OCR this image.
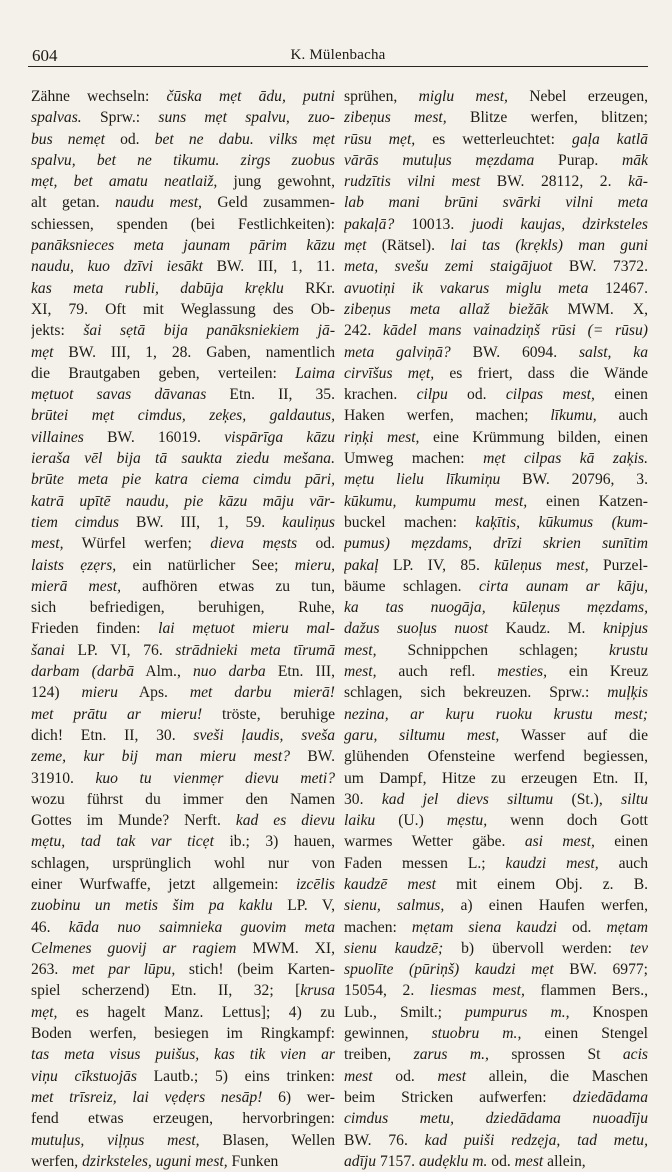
604	K. Mülenbacha

Zähne wechseln: čūska mẹt ādu, putni

spalvas. Sprw.: suns mẹt spalvu, zuo-

bus nemẹt od. bet ne dabu. vilks mẹt

spalvu, bet ne tikumu. zirgs zuobus

mẹt, bet amatu neatlaiž, jung gewohnt,

alt getan. naudu mest, Geld zusammen-

schiessen, spenden (bei Festlichkeiten):

panāksnieces meta jaunam pārim kāzu

naudu, kuo dzīvi iesākt BW. III, 1, 11.

kas meta rubli, dabūja krẹklu RKr.

XI, 79. Oft mit Weglassung des Ob-

jekts: šai sẹtā bija panāksniekiem jā-

mẹt BW. III, 1, 28. Gaben, namentlich

die Brautgaben geben, verteilen: Laima

mẹtuot savas dāvanas Etn. II, 35.

brūtei mẹt cimdus, zeķes, galdautus,

villaines BW. 16019. vispārīga kāzu

ieraša vēl bija tā saukta ziedu mešana.

brūte meta pie katra ciema cimdu pāri,

katrā upītē naudu, pie kāzu māju vār-

tiem cimdus BW. III, 1, 59. kauliņus

mest, Würfel werfen; dieva mẹsts od.

laists ẹzẹrs, ein natürlicher See; mieru,

mierā mest, aufhören etwas zu tun,

sich befriedigen, beruhigen, Ruhe,

Frieden finden: lai mẹtuot mieru mal-

šanai LP. VI, 76. strādnieki meta tīrumā

darbam (darbā Alm., nuo darba Etn. III,

124) mieru Aps. met darbu mierā!

met prātu ar mieru! tröste, beruhige

dich! Etn. II, 30. sveši ļaudis, sveša

zeme, kur bij man mieru mest? BW.

31910. kuo tu vienmẹr dievu meti?

wozu führst du immer den Namen

Gottes im Munde? Nerft. kad es dievu

mẹtu, tad tak var ticẹt ib.; 3) hauen,

schlagen, ursprünglich wohl nur von

einer Wurfwaffe, jetzt allgemein: izcēlis

zuobinu un metis šim pa kaklu LP. V,

46. kāda nuo saimnieka guovim meta

Celmenes guovij ar ragiem MWM. XI,

263. met par lūpu, stich! (beim Karten-

spiel scherzend) Etn. II, 32; [krusa

mẹt, es hagelt Manz. Lettus]; 4) zu

Boden werfen, besiegen im Ringkampf:

tas meta visus puišus, kas tik vien ar

viņu cīkstuojās Lautb.; 5) eins trinken:

met trīsreiz, lai vẹdẹrs nesāp! 6) wer-

fend etwas erzeugen, hervorbringen:

mutuļus, viļņus mest, Blasen, Wellen

werfen, dzirksteles, uguni mest, Funken

sprühen, miglu mest, Nebel erzeugen,

zibeņus mest, Blitze werfen, blitzen;

rūsu mẹt, es wetterleuchtet: gaļa katlā

vārās mutuļus mẹzdama Purap. māk

rudzītis vilni mest BW. 28112, 2. kā-

lab mani brūni svārki vilni meta

pakaļā? 10013. juodi kaujas, dzirksteles

mẹt (Rätsel). lai tas (krẹkls) man guni

meta, svešu zemi staigājuot BW. 7372.

avuotiņi ik vakarus miglu meta 12467.

zibeņus meta allaž biežāk MWM. X,

242. kādel mans vainadziņš rūsi (= rūsu)

meta galviņā? BW. 6094. salst, ka

cirvīšus mẹt, es friert, dass die Wände

krachen. cilpu od. cilpas mest, einen

Haken werfen, machen; līkumu, auch

riņķi mest, eine Krümmung bilden, einen

Umweg machen: mẹt cilpas kā zaķis.

mẹtu lielu līkumiņu BW. 20796, 3.

kūkumu, kumpumu mest, einen Katzen-

buckel machen: kaķītis, kūkumus (kum-

pumus) mẹzdams, drīzi skrien sunītim

pakaļ LP. IV, 85. kūleņus mest, Purzel-

bäume schlagen. cirta aunam ar kāju,

ka tas nuogāja, kūleņus mẹzdams,

dažus suoļus nuost Kaudz. M. knipjus

mest, Schnippchen schlagen; krustu

mest, auch refl. mesties, ein Kreuz

schlagen, sich bekreuzen. Sprw.: muļķis

nezina, ar kuŗu ruoku krustu mest;

garu, siltumu mest, Wasser auf die

glühenden Ofensteine werfend begiessen,

um Dampf, Hitze zu erzeugen Etn. II,

30. kad jel dievs siltumu (St.), siltu

laiku (U.) mẹstu, wenn doch Gott

warmes Wetter gäbe. asi mest, einen

Faden messen L.; kaudzi mest, auch

kaudzē mest mit einem Obj. z. B.

sienu, salmus, a) einen Haufen werfen,

machen: mẹtam siena kaudzi od. mẹtam

sienu kaudzē; b) übervoll werden: tev

spuolīte (pūriņš) kaudzi mẹt BW. 6977;

15054, 2. liesmas mest, flammen Bers.,

Lub., Smilt.; pumpurus m., Knospen

gewinnen, stuobru m., einen Stengel

treiben, zarus m., sprossen St acis

mest od. mest allein, die Maschen

beim Stricken aufwerfen: dziedādama

cimdus metu, dziedādama nuoadīju

BW. 76. kad puiši redzẹja, tad metu,

adīju 7157. audẹklu m. od. mest allein,
